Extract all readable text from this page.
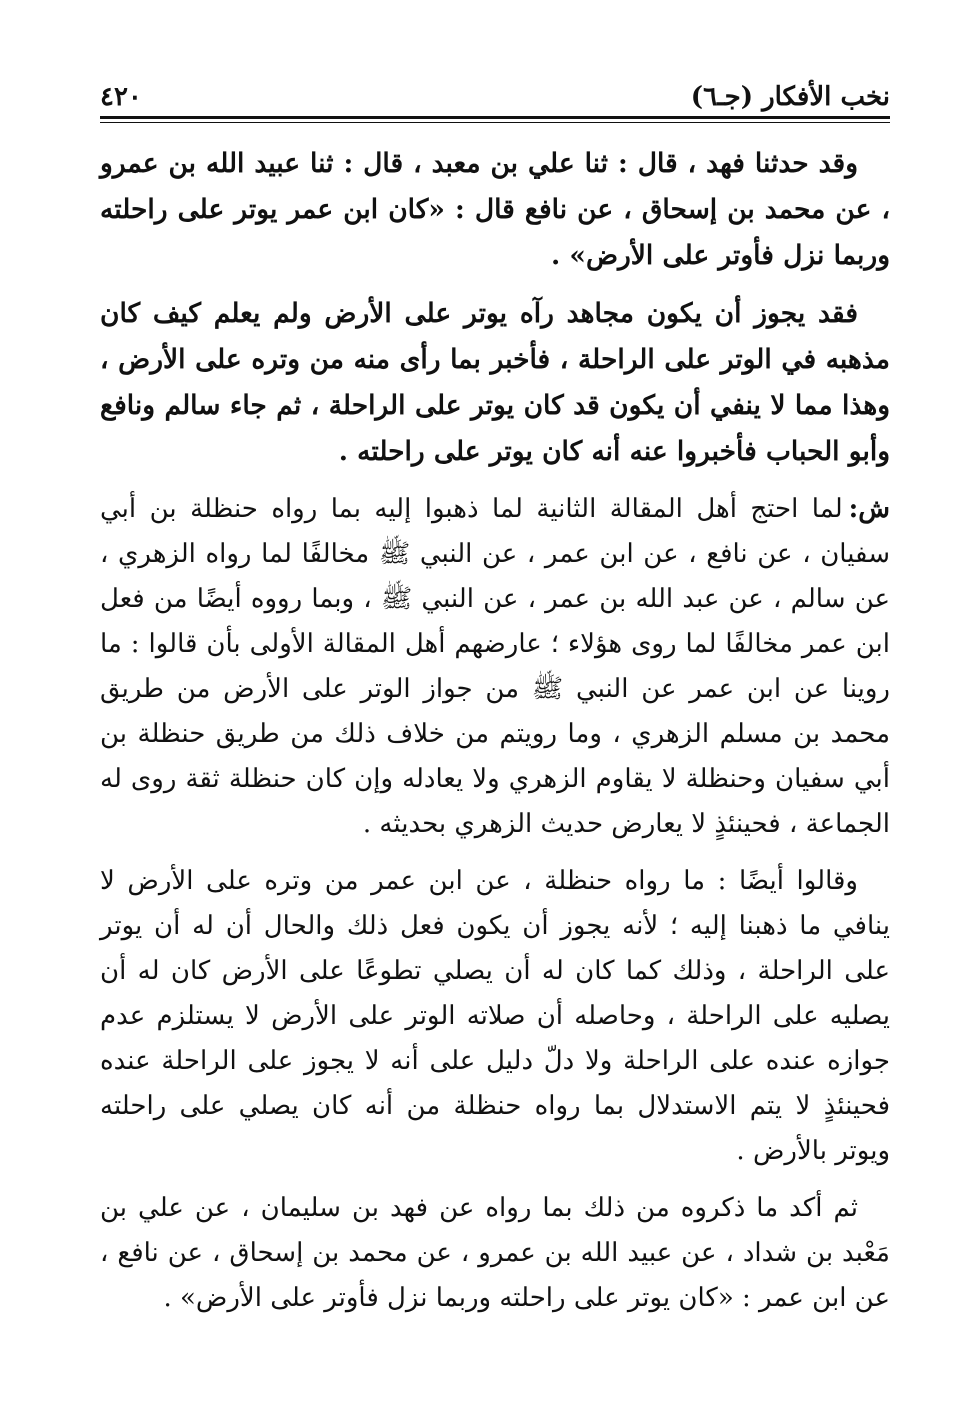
نخب الأفكار (جـ٦)
٤٢٠

وقد حدثنا فهد ، قال : ثنا علي بن معبد ، قال : ثنا عبيد الله بن عمرو ، عن محمد بن إسحاق ، عن نافع قال : «كان ابن عمر يوتر على راحلته وربما نزل فأوتر على الأرض» .

فقد يجوز أن يكون مجاهد رآه يوتر على الأرض ولم يعلم كيف كان مذهبه في الوتر على الراحلة ، فأخبر بما رأى منه من وتره على الأرض ، وهذا مما لا ينفي أن يكون قد كان يوتر على الراحلة ، ثم جاء سالم ونافع وأبو الحباب فأخبروا عنه أنه كان يوتر على راحلته .

ش:لما احتج أهل المقالة الثانية لما ذهبوا إليه بما رواه حنظلة بن أبي سفيان ، عن نافع ، عن ابن عمر ، عن النبي ﷺ مخالفًا لما رواه الزهري ، عن سالم ، عن عبد الله بن عمر ، عن النبي ﷺ ، وبما رووه أيضًا من فعل ابن عمر مخالفًا لما روى هؤلاء ؛ عارضهم أهل المقالة الأولى بأن قالوا : ما روينا عن ابن عمر عن النبي ﷺ من جواز الوتر على الأرض من طريق محمد بن مسلم الزهري ، وما رويتم من خلاف ذلك من طريق حنظلة بن أبي سفيان وحنظلة لا يقاوم الزهري ولا يعادله وإن كان حنظلة ثقة روى له الجماعة ، فحينئذٍ لا يعارض حديث الزهري بحديثه .

وقالوا أيضًا : ما رواه حنظلة ، عن ابن عمر من وتره على الأرض لا ينافي ما ذهبنا إليه ؛ لأنه يجوز أن يكون فعل ذلك والحال أن له أن يوتر على الراحلة ، وذلك كما كان له أن يصلي تطوعًا على الأرض كان له أن يصليه على الراحلة ، وحاصله أن صلاته الوتر على الأرض لا يستلزم عدم جوازه عنده على الراحلة ولا دلّ دليل على أنه لا يجوز على الراحلة عنده فحينئذٍ لا يتم الاستدلال بما رواه حنظلة من أنه كان يصلي على راحلته ويوتر بالأرض .

ثم أكد ما ذكروه من ذلك بما رواه عن فهد بن سليمان ، عن علي بن مَعْبد بن شداد ، عن عبيد الله بن عمرو ، عن محمد بن إسحاق ، عن نافع ، عن ابن عمر : «كان يوتر على راحلته وربما نزل فأوتر على الأرض» .
